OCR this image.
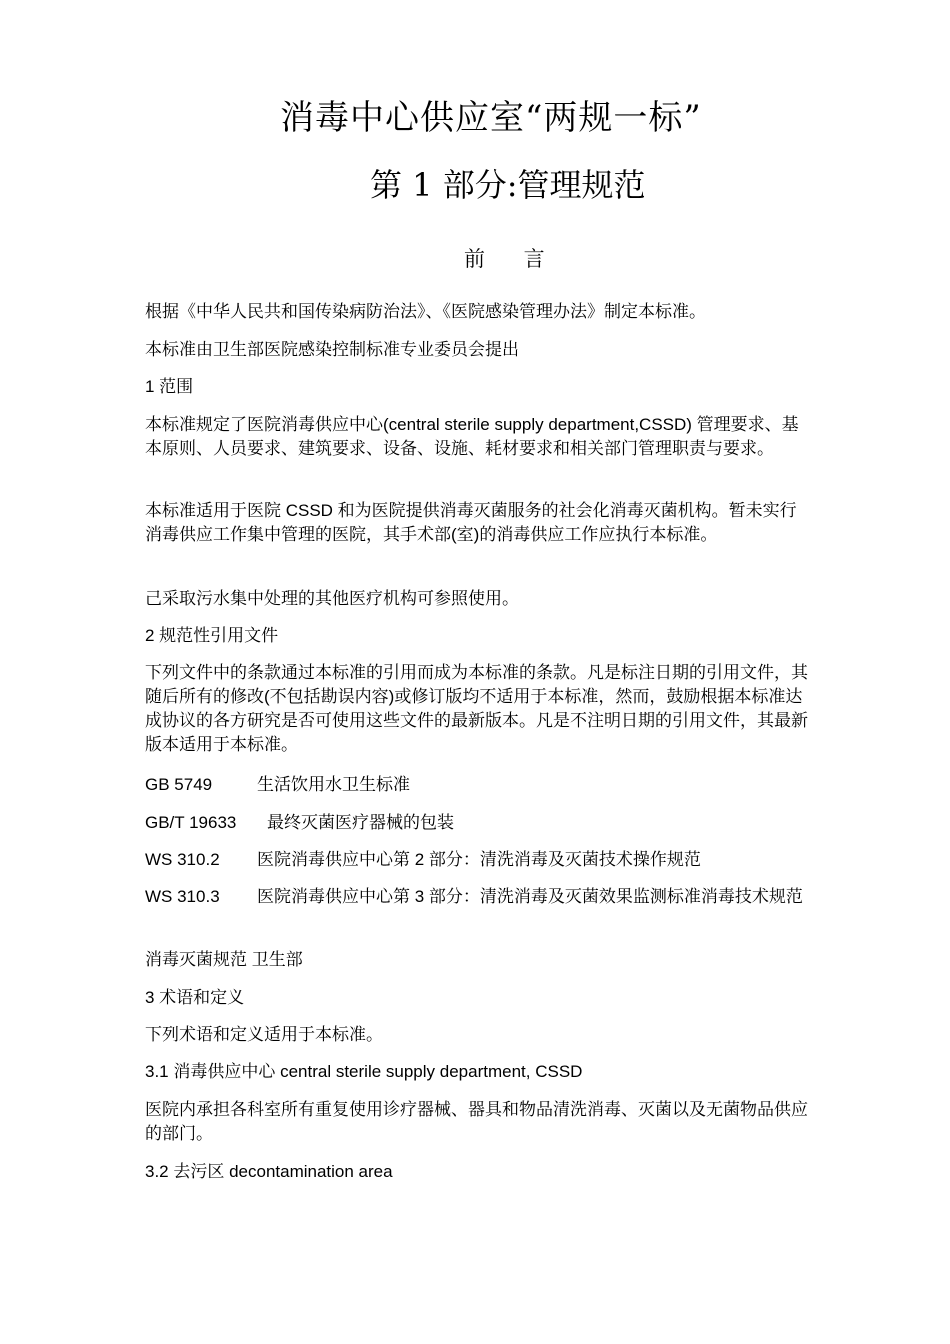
消毒中心供应室“两规一标”
第 1 部分:管理规范
前 言

根据《中华人民共和国传染病防治法》、《医院感染管理办法》制定本标准。

本标准由卫生部医院感染控制标准专业委员会提出

1 范围

本标准规定了医院消毒供应中心(central sterile supply department,CSSD) 管理要求、基本原则、人员要求、建筑要求、设备、设施、耗材要求和相关部门管理职责与要求。

本标准适用于医院 CSSD 和为医院提供消毒灭菌服务的社会化消毒灭菌机构。暂未实行消毒供应工作集中管理的医院，其手术部(室)的消毒供应工作应执行本标准。

己采取污水集中处理的其他医疗机构可参照使用。

2 规范性引用文件

下列文件中的条款通过本标准的引用而成为本标准的条款。凡是标注日期的引用文件，其随后所有的修改(不包括勘误内容)或修订版均不适用于本标准，然而，鼓励根据本标准达成协议的各方研究是否可使用这些文件的最新版本。凡是不注明日期的引用文件，其最新版本适用于本标准。

GB 5749	生活饮用水卫生标准

GB/T 19633 最终灭菌医疗器械的包装

WS 310.2 医院消毒供应中心第 2 部分：清洗消毒及灭菌技术操作规范

WS 310.3 医院消毒供应中心第 3 部分：清洗消毒及灭菌效果监测标准消毒技术规范

消毒灭菌规范 卫生部

3 术语和定义

下列术语和定义适用于本标准。

3.1 消毒供应中心 central sterile supply department, CSSD

医院内承担各科室所有重复使用诊疗器械、器具和物品清洗消毒、灭菌以及无菌物品供应的部门。

3.2 去污区 decontamination area
